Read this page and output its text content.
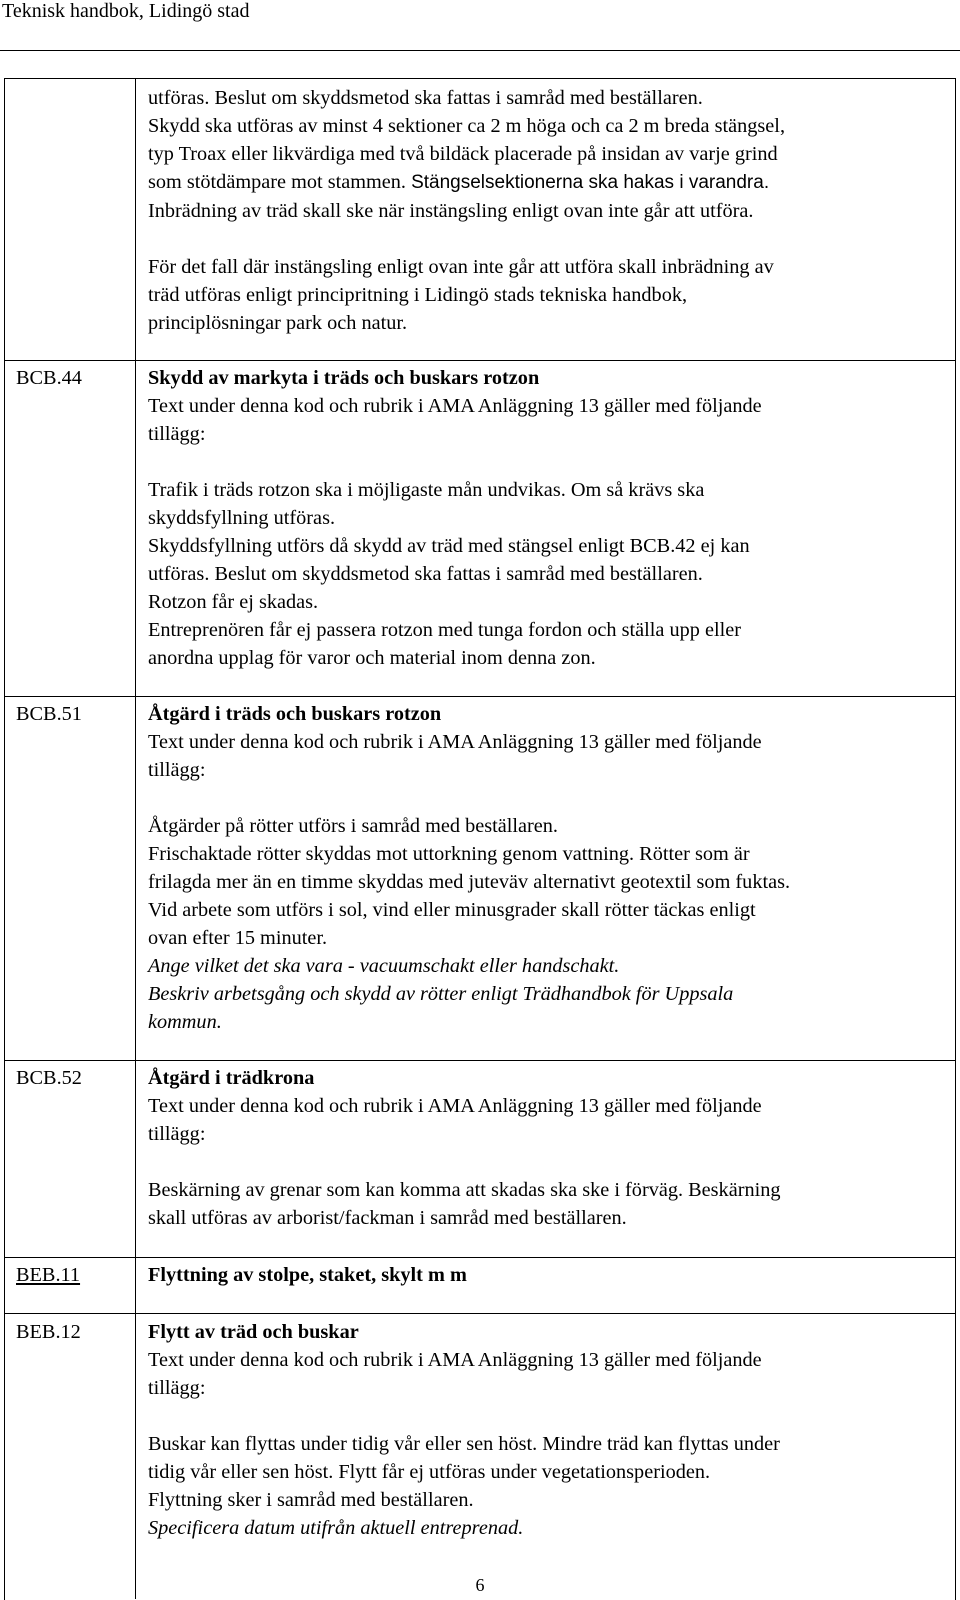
Teknisk handbok, Lidingö stad

utföras. Beslut om skyddsmetod ska fattas i samråd med beställaren.

Skydd ska utföras av minst 4 sektioner ca 2 m höga och ca 2 m breda stängsel,

typ Troax eller likvärdiga med två bildäck placerade på insidan av varje grind

som stötdämpare mot stammen. Stängselsektionerna ska hakas i varandra.

Inbrädning av träd skall ske när instängsling enligt ovan inte går att utföra.

För det fall där instängsling enligt ovan inte går att utföra skall inbrädning av

träd utföras enligt principritning i Lidingö stads tekniska handbok,

principlösningar park och natur.

BCB.44	Skydd av markyta i träds och buskars rotzon

Text under denna kod och rubrik i AMA Anläggning 13 gäller med följande

tillägg:

Trafik i träds rotzon ska i möjligaste mån undvikas. Om så krävs ska

skyddsfyllning utföras.

Skyddsfyllning utförs då skydd av träd med stängsel enligt BCB.42 ej kan

utföras. Beslut om skyddsmetod ska fattas i samråd med beställaren.

Rotzon får ej skadas.

Entreprenören får ej passera rotzon med tunga fordon och ställa upp eller

anordna upplag för varor och material inom denna zon.

BCB.51	Åtgärd i träds och buskars rotzon

Text under denna kod och rubrik i AMA Anläggning 13 gäller med följande

tillägg:

Åtgärder på rötter utförs i samråd med beställaren.

Frischaktade rötter skyddas mot uttorkning genom vattning. Rötter som är

frilagda mer än en timme skyddas med juteväv alternativt geotextil som fuktas.

Vid arbete som utförs i sol, vind eller minusgrader skall rötter täckas enligt

ovan efter 15 minuter.

Ange vilket det ska vara - vacuumschakt eller handschakt.

Beskriv arbetsgång och skydd av rötter enligt Trädhandbok för Uppsala

kommun.

BCB.52	Åtgärd i trädkrona

Text under denna kod och rubrik i AMA Anläggning 13 gäller med följande

tillägg:

Beskärning av grenar som kan komma att skadas ska ske i förväg. Beskärning

skall utföras av arborist/fackman i samråd med beställaren.

BEB.11	Flyttning av stolpe, staket, skylt m m

BEB.12	Flytt av träd och buskar

Text under denna kod och rubrik i AMA Anläggning 13 gäller med följande

tillägg:

Buskar kan flyttas under tidig vår eller sen höst. Mindre träd kan flyttas under

tidig vår eller sen höst. Flytt får ej utföras under vegetationsperioden.

Flyttning sker i samråd med beställaren.

Specificera datum utifrån aktuell entreprenad.

6
